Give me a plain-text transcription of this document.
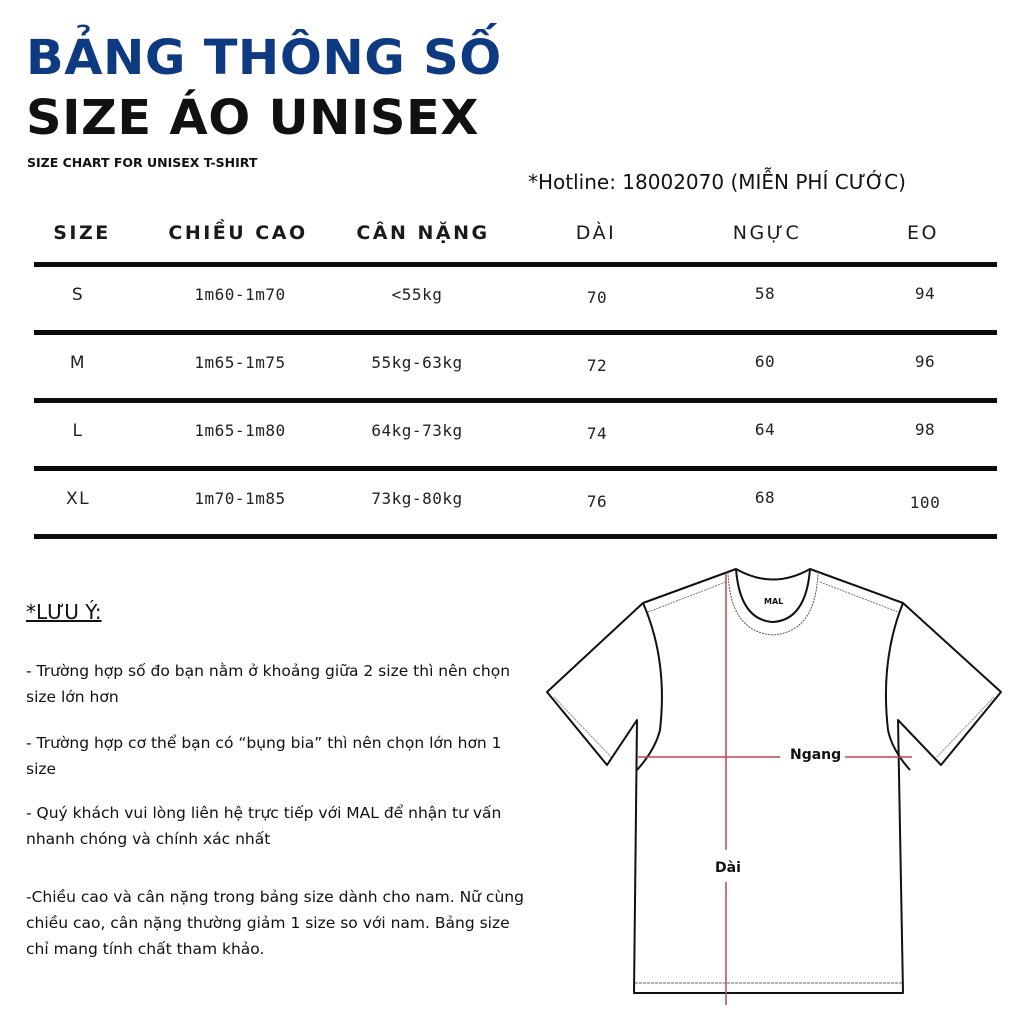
BẢNG THÔNG SỐ
SIZE ÁO UNISEX
SIZE CHART FOR UNISEX T-SHIRT
*Hotline: 18002070 (MIỄN PHÍ CƯỚC)
SIZE	CHIỀU CAO	CÂN NẶNG	DÀI	NGỰC	EO
S	1m60-1m70	<55kg	70	58	94
M	1m65-1m75	55kg-63kg	72	60	96
L	1m65-1m80	64kg-73kg	74	64	98
XL	1m70-1m85	73kg-80kg	76	68	100
*LƯU Ý:
- Trường hợp số đo bạn nằm ở khoảng giữa 2 size thì nên chọn size lớn hơn
- Trường hợp cơ thể bạn có “bụng bia” thì nên chọn lớn hơn 1 size
- Quý khách vui lòng liên hệ trực tiếp với MAL để nhận tư vấn nhanh chóng và chính xác nhất
-Chiều cao và cân nặng trong bảng size dành cho nam. Nữ cùng chiều cao, cân nặng thường giảm 1 size so với nam. Bảng size chỉ mang tính chất tham khảo.
MAL
Ngang
Dài
